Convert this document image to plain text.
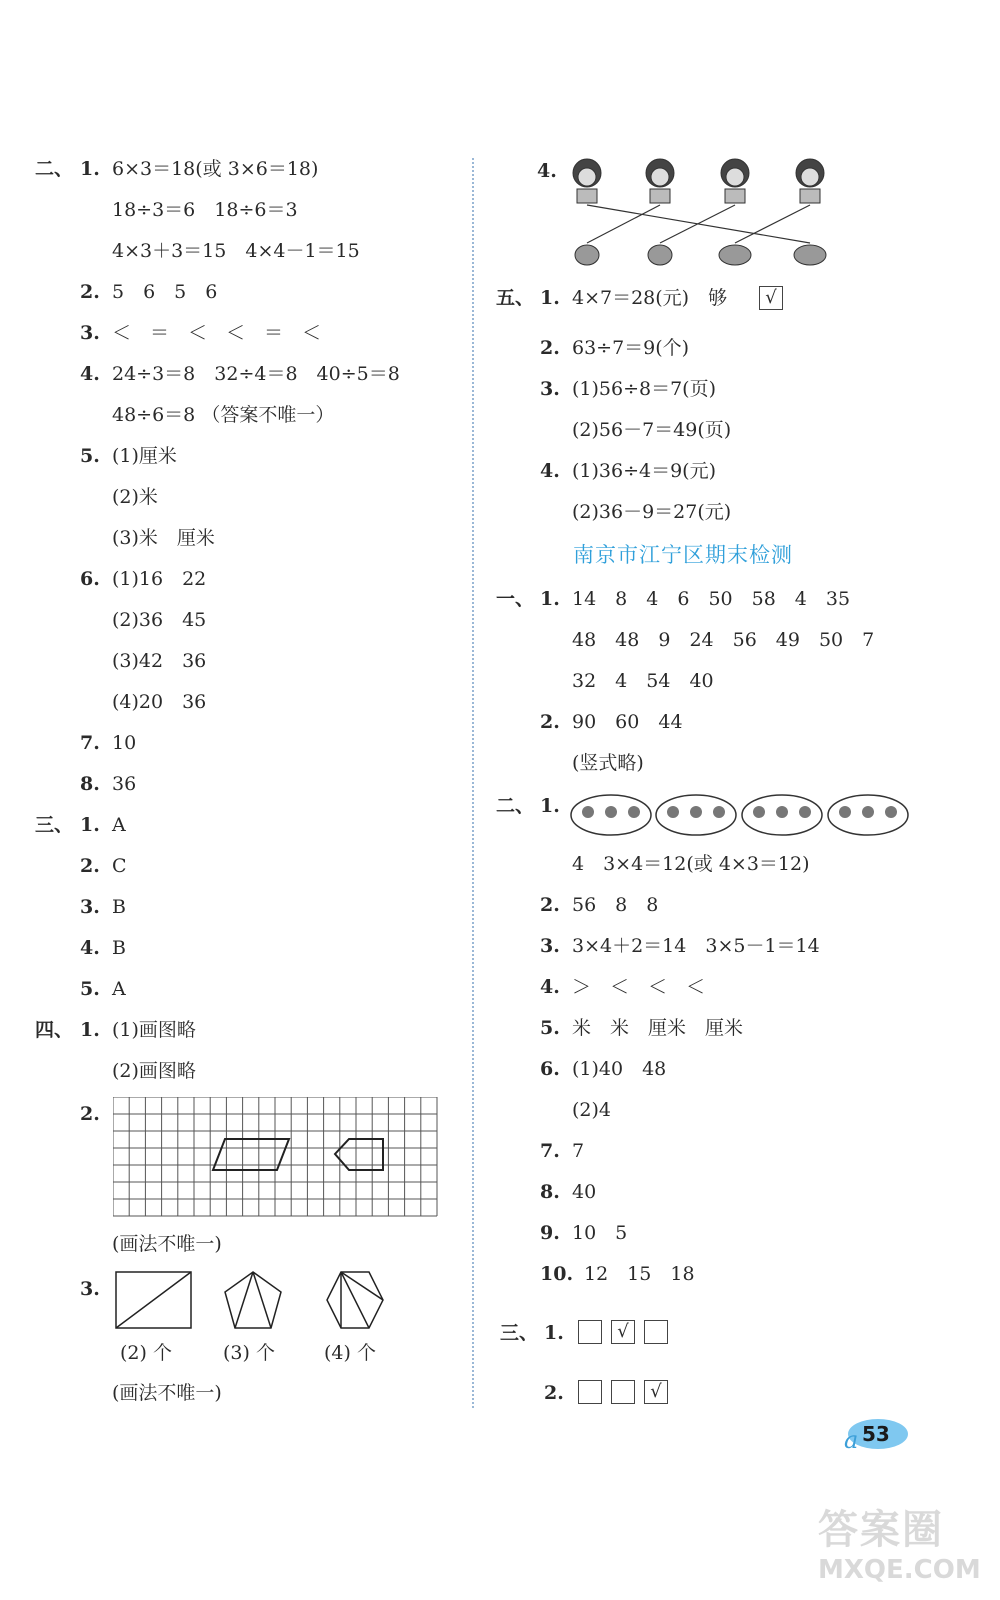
二、 1. 6×3＝18(或 3×6＝18)
18÷3＝6　18÷6＝3
4×3＋3＝15　4×4－1＝15
2. 5　6　5　6
3. ＜　＝　＜　＜　＝　＜
4. 24÷3＝8　32÷4＝8　40÷5＝8
48÷6＝8 （答案不唯一）
5. (1)厘米
(2)米
(3)米　厘米
6. (1)16　22
(2)36　45
(3)42　36
(4)20　36
7. 10
8. 36
三、 1. A
2. C
3. B
4. B
5. A
四、 1. (1)画图略
(2)画图略
2.
(画法不唯一)
3.
(2) 个	(3) 个	(4) 个
(画法不唯一)
4.
五、 1. 4×7＝28(元)　够	√
2. 63÷7＝9(个)
3. (1)56÷8＝7(页)
(2)56－7＝49(页)
4. (1)36÷4＝9(元)
(2)36－9＝27(元)
南京市江宁区期末检测
一、 1. 14　8　4　6　50　58　4　35
48　48　9　24　56　49　50　7
32　4　54　40
2. 90　60　44
(竖式略)
二、 1.
4　3×4＝12(或 4×3＝12)
2. 56　8　8
3. 3×4＋2＝14　3×5－1＝14
4. ＞　＜　＜　＜
5. 米　米　厘米　厘米
6. (1)40　48
(2)4
7. 7
8. 40
9. 10　5
10. 12　15　18
三、 1.	√
2.	√
a 53
答案圈
MXQE.COM
